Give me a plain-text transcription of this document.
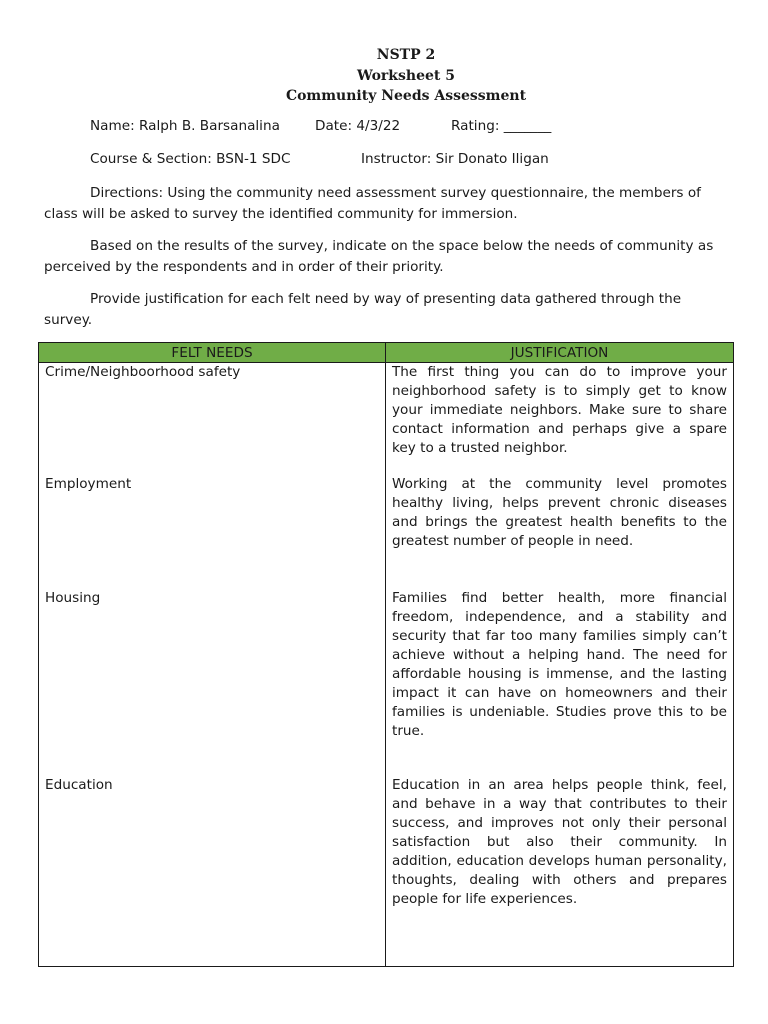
NSTP 2
Worksheet 5
Community Needs Assessment
Name: Ralph B. Barsanalina	Date: 4/3/22	Rating: _______
Course & Section: BSN-1 SDC	Instructor: Sir Donato Iligan
Directions: Using the community need assessment survey questionnaire, the members of class will be asked to survey the identified community for immersion.
Based on the results of the survey, indicate on the space below the needs of community as perceived by the respondents and in order of their priority.
Provide justification for each felt need by way of presenting data gathered through the survey.
FELT NEEDS	JUSTIFICATION
Crime/Neighboorhood safety	The first thing you can do to improve your neighborhood safety is to simply get to know your immediate neighbors. Make sure to share contact information and perhaps give a spare key to a trusted neighbor.
Employment	Working at the community level promotes healthy living, helps prevent chronic diseases and brings the greatest health benefits to the greatest number of people in need.
Housing	Families find better health, more financial freedom, independence, and a stability and security that far too many families simply can’t achieve without a helping hand. The need for affordable housing is immense, and the lasting impact it can have on homeowners and their families is undeniable. Studies prove this to be true.
Education	Education in an area helps people think, feel, and behave in a way that contributes to their success, and improves not only their personal satisfaction but also their community. In addition, education develops human personality, thoughts, dealing with others and prepares people for life experiences.
